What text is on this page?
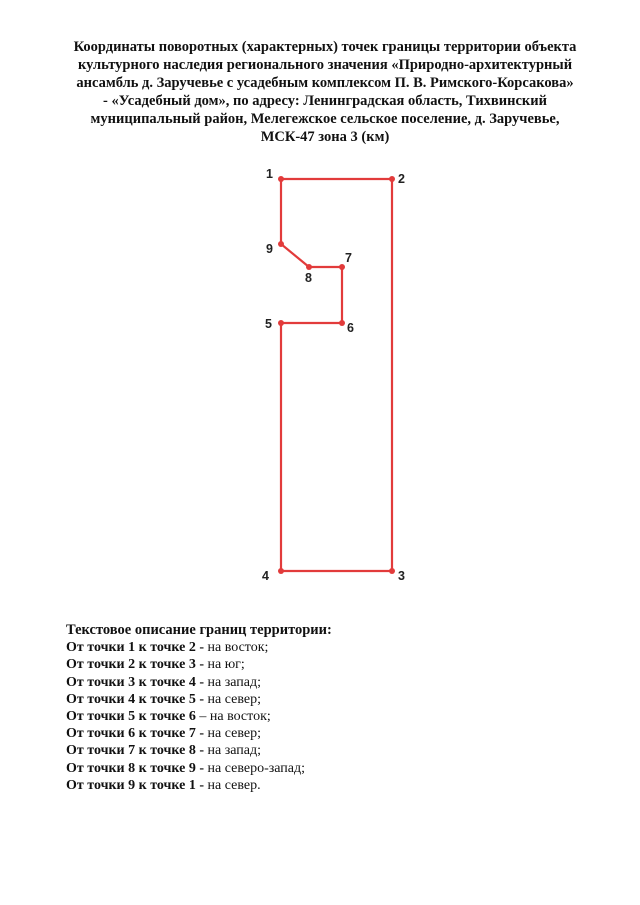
Координаты поворотных (характерных) точек границы территории объекта
культурного наследия регионального значения «Природно-архитектурный
ансамбль д. Заручевье с усадебным комплексом П. В. Римского-Корсакова»
- «Усадебный дом», по адресу: Ленинградская область, Тихвинский
муниципальный район, Мелегежское сельское поселение, д. Заручевье,
МСК-47 зона 3 (км)
1	2
3
4
5	6
7
8
9
Текстовое описание границ территории:
От точки 1 к точке 2 - на восток;
От точки 2 к точке 3 - на юг;
От точки 3 к точке 4 - на запад;
От точки 4 к точке 5 - на север;
От точки 5 к точке 6 – на восток;
От точки 6 к точке 7 - на север;
От точки 7 к точке 8 - на запад;
От точки 8 к точке 9 - на северо-запад;
От точки 9 к точке 1 - на север.
